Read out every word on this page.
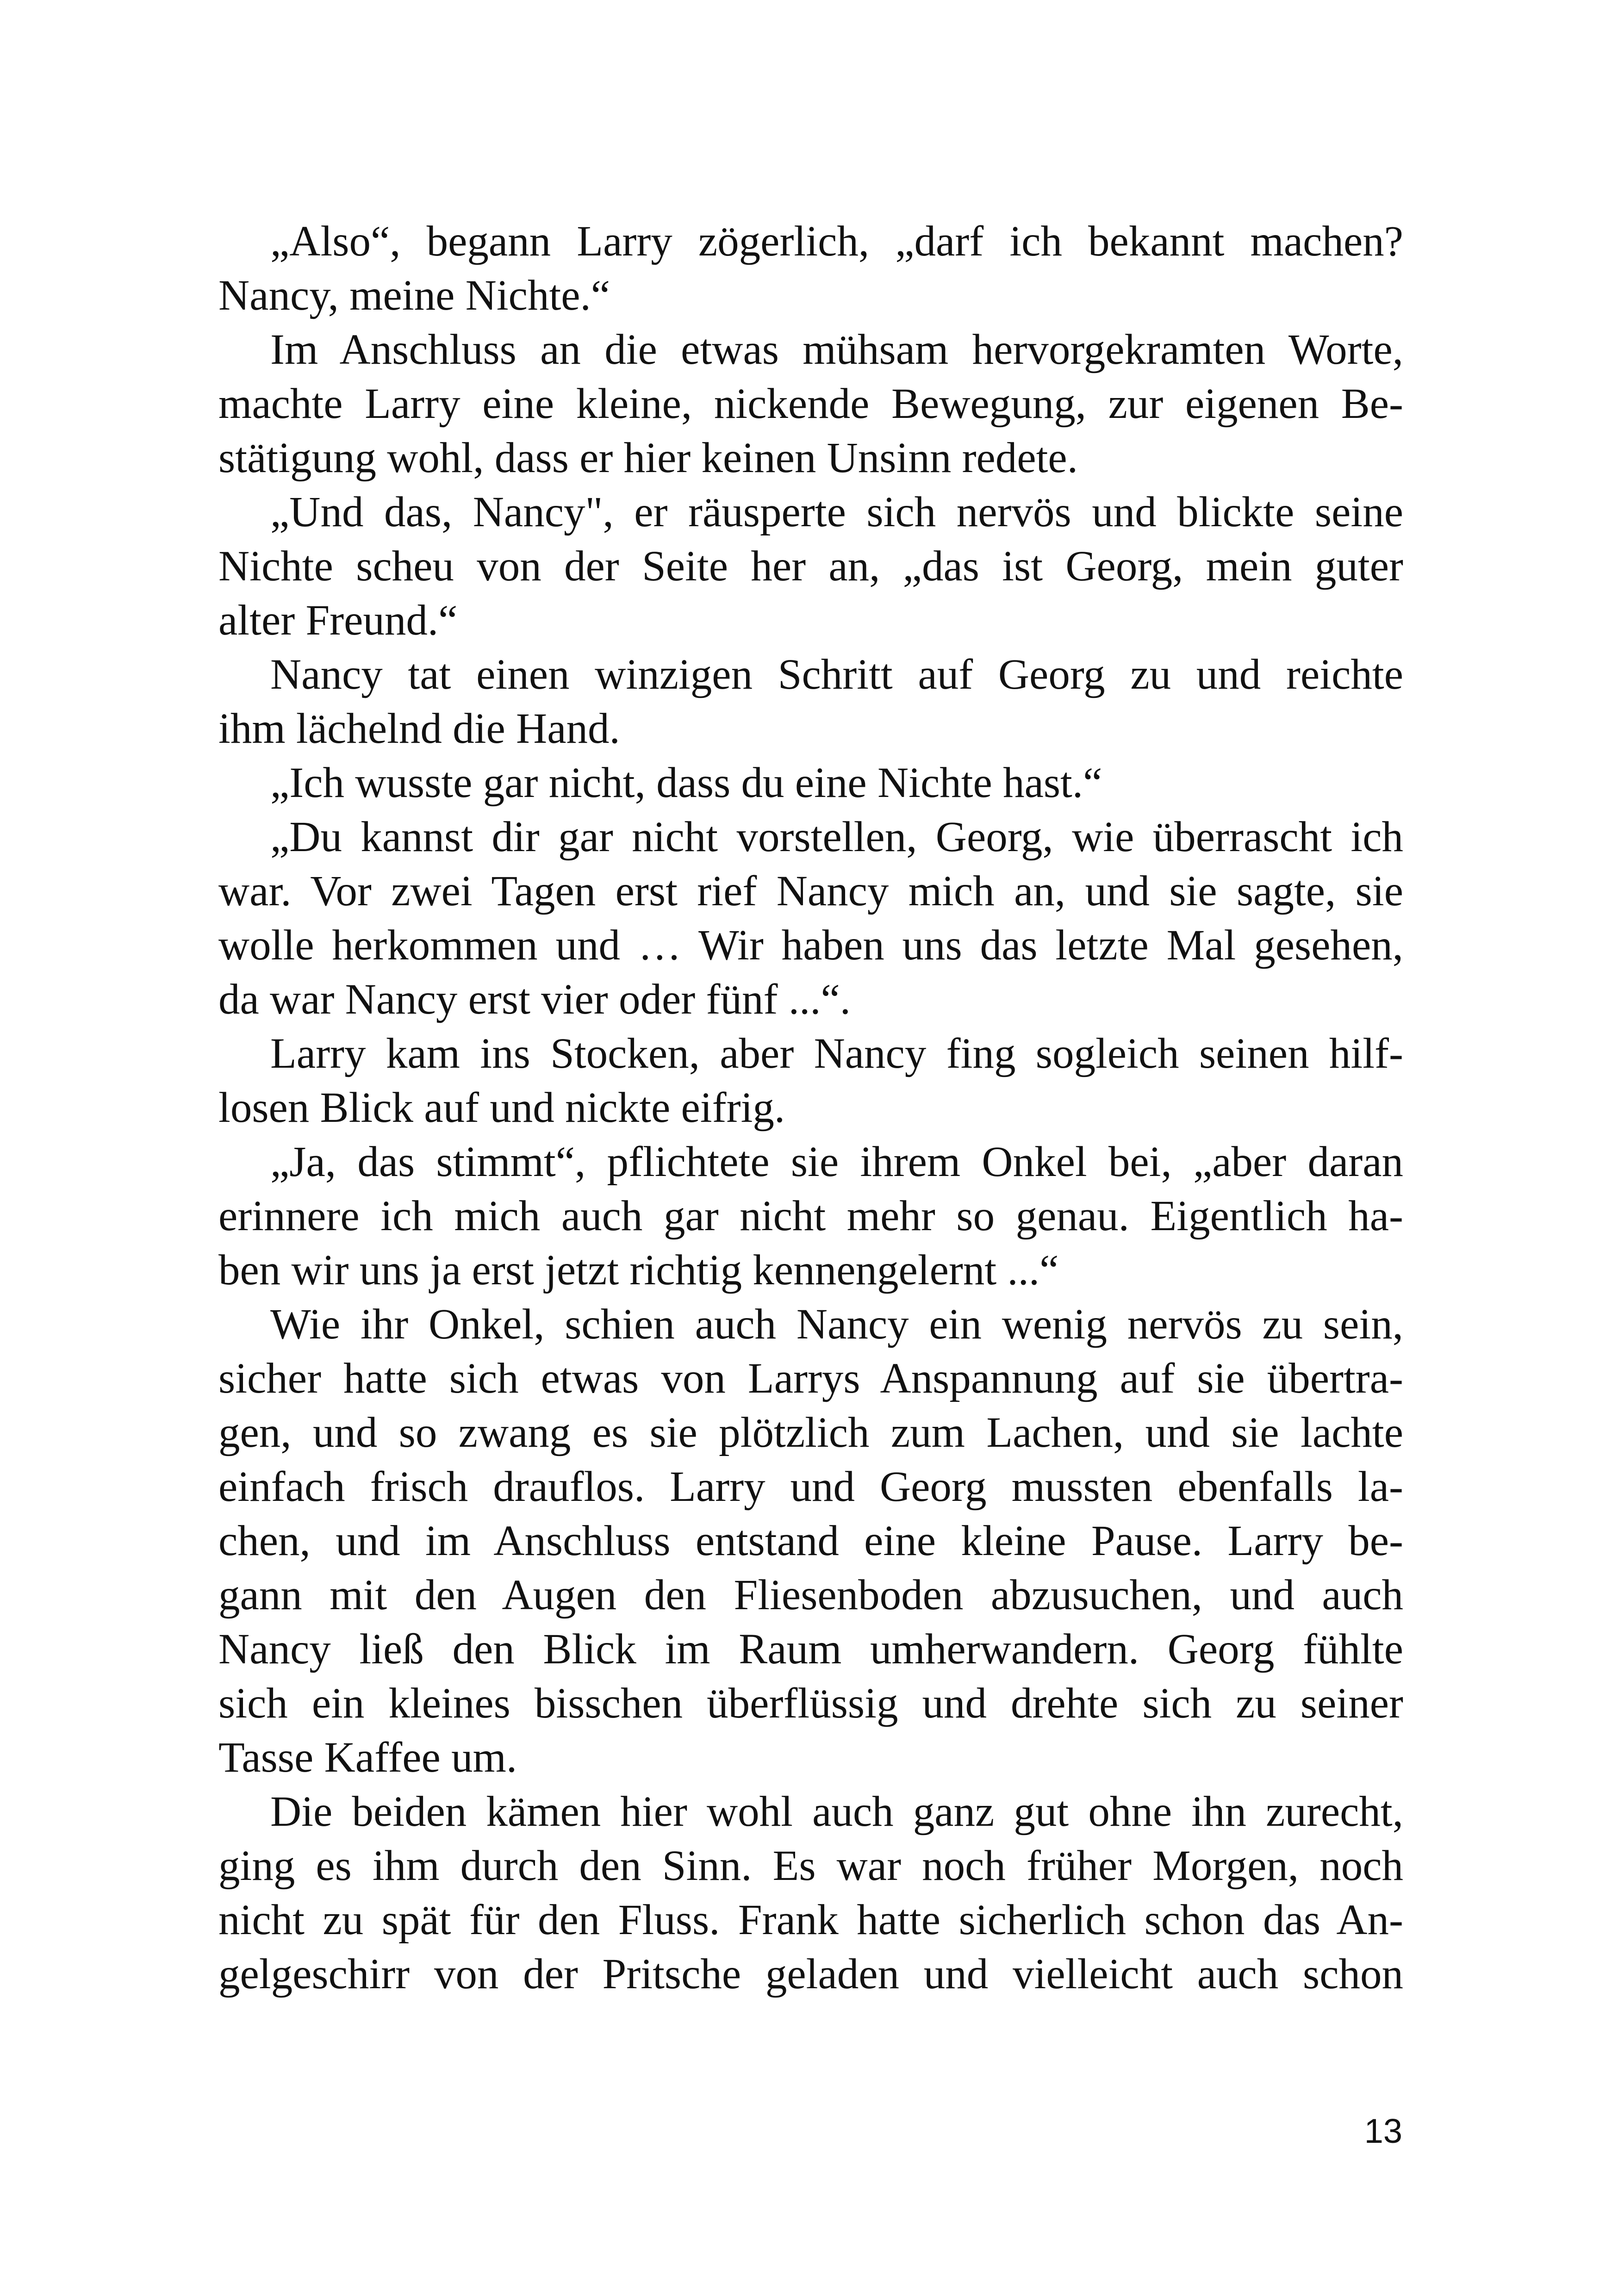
„Also“, begann Larry zögerlich, „darf ich bekannt machen?
Nancy, meine Nichte.“
Im Anschluss an die etwas mühsam hervorgekramten Worte,
machte Larry eine kleine, nickende Bewegung, zur eigenen Be-
stätigung wohl, dass er hier keinen Unsinn redete.
„Und das, Nancy", er räusperte sich nervös und blickte seine
Nichte scheu von der Seite her an, „das ist Georg, mein guter
alter Freund.“
Nancy tat einen winzigen Schritt auf Georg zu und reichte
ihm lächelnd die Hand.
„Ich wusste gar nicht, dass du eine Nichte hast.“
„Du kannst dir gar nicht vorstellen, Georg, wie überrascht ich
war. Vor zwei Tagen erst rief Nancy mich an, und sie sagte, sie
wolle herkommen und … Wir haben uns das letzte Mal gesehen,
da war Nancy erst vier oder fünf ...“.
Larry kam ins Stocken, aber Nancy fing sogleich seinen hilf-
losen Blick auf und nickte eifrig.
„Ja, das stimmt“, pflichtete sie ihrem Onkel bei, „aber daran
erinnere ich mich auch gar nicht mehr so genau. Eigentlich ha-
ben wir uns ja erst jetzt richtig kennengelernt ...“
Wie ihr Onkel, schien auch Nancy ein wenig nervös zu sein,
sicher hatte sich etwas von Larrys Anspannung auf sie übertra-
gen, und so zwang es sie plötzlich zum Lachen, und sie lachte
einfach frisch drauflos. Larry und Georg mussten ebenfalls la-
chen, und im Anschluss entstand eine kleine Pause. Larry be-
gann mit den Augen den Fliesenboden abzusuchen, und auch
Nancy ließ den Blick im Raum umherwandern. Georg fühlte
sich ein kleines bisschen überflüssig und drehte sich zu seiner
Tasse Kaffee um.
Die beiden kämen hier wohl auch ganz gut ohne ihn zurecht,
ging es ihm durch den Sinn. Es war noch früher Morgen, noch
nicht zu spät für den Fluss. Frank hatte sicherlich schon das An-
gelgeschirr von der Pritsche geladen und vielleicht auch schon
13
